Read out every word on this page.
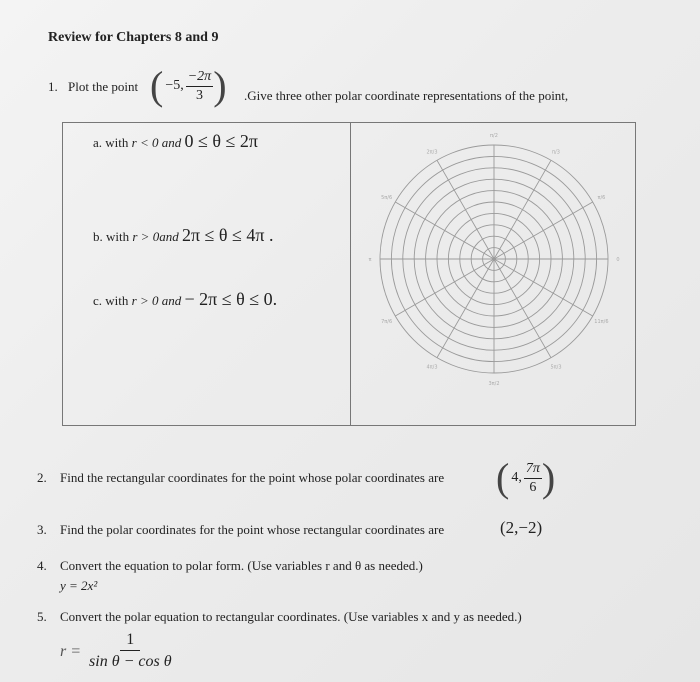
Review for Chapters 8 and 9
1. Plot the point ( −5, $\frac{-2\pi}{3}$ ) .Give three other polar coordinate representations of the point,
a. with r < 0 and 0 ≤ θ ≤ 2π
b. with r > 0and 2π ≤ θ ≤ 4π .
c. with r > 0 and − 2π ≤ θ ≤ 0.
π/2
π/3
2π/3
π/6
5π/6
0
π
11π/6
7π/6
5π/3
4π/3
3π/2
2. Find the rectangular coordinates for the point whose polar coordinates are ( 4, $\frac{7\pi}{6}$ )
3. Find the polar coordinates for the point whose rectangular coordinates are	(2,−2)
4. Convert the equation to polar form. (Use variables r and θ as needed.)
y = 2x²
5. Convert the polar equation to rectangular coordinates. (Use variables x and y as needed.)
$r = \frac{1}{\text{sin θ − cos θ}}$
